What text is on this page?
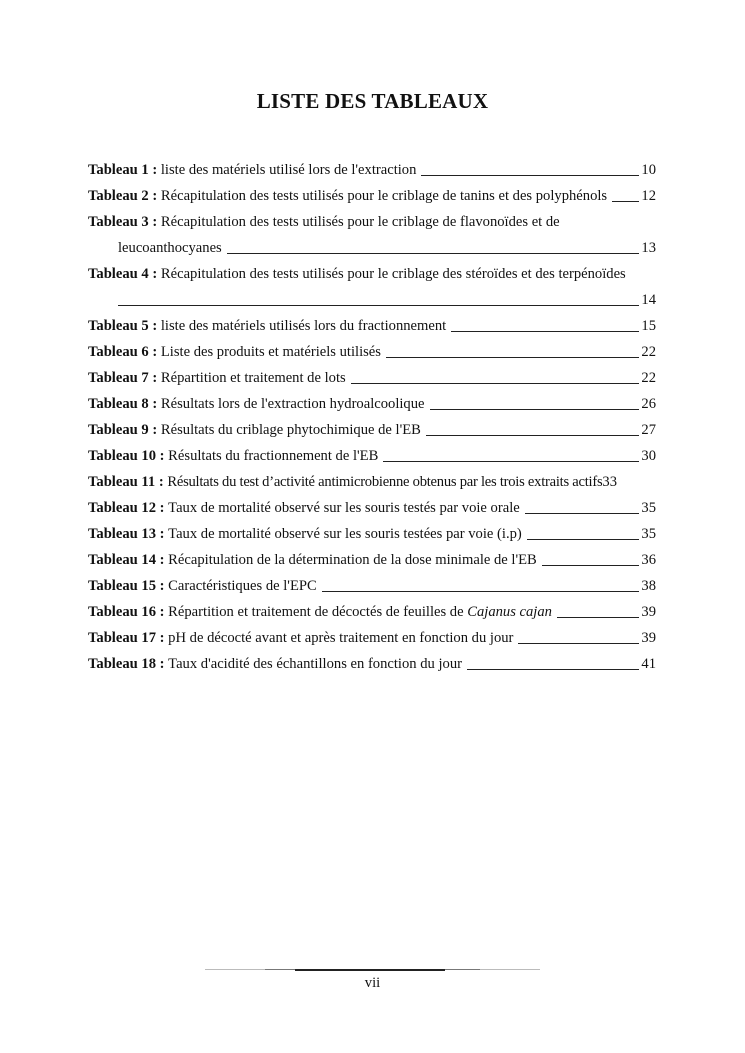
LISTE DES TABLEAUX
Tableau 1 :
liste des matériels utilisé lors de l'extraction	10
Tableau 2 :
Récapitulation des tests utilisés pour le criblage de tanins et des polyphénols 12
Tableau 3 :
Récapitulation des tests utilisés pour le criblage de flavonoïdes et de
leucoanthocyanes	13
Tableau 4 :
Récapitulation des tests utilisés pour le criblage des stéroïdes et des terpénoïdes
14
Tableau 5 :
liste des matériels utilisés lors du fractionnement	15
Tableau 6 :
Liste des produits et matériels utilisés	22
Tableau 7 :
Répartition et traitement de lots	22
Tableau 8 :
Résultats lors de l'extraction hydroalcoolique	26
Tableau 9 :
Résultats du criblage phytochimique de l'EB	27
Tableau 10 :
Résultats du fractionnement de l'EB	30
Tableau 11 :
Résultats du test d’activité antimicrobienne obtenus par les trois extraits actifs 33
Tableau 12 :
Taux de mortalité observé sur les souris testés par voie orale	35
Tableau 13 :
Taux de mortalité observé sur les souris testées par voie (i.p)	35
Tableau 14 :
Récapitulation de la détermination de la dose minimale de l'EB	36
Tableau 15 :
Caractéristiques de l'EPC	38
Tableau 16 :
Répartition et traitement de décoctés de feuilles de
Cajanus cajan	39
Tableau 17 :
pH de décocté avant et après traitement en fonction du jour	39
Tableau 18 :
Taux d'acidité des échantillons en fonction du jour	41
vii
